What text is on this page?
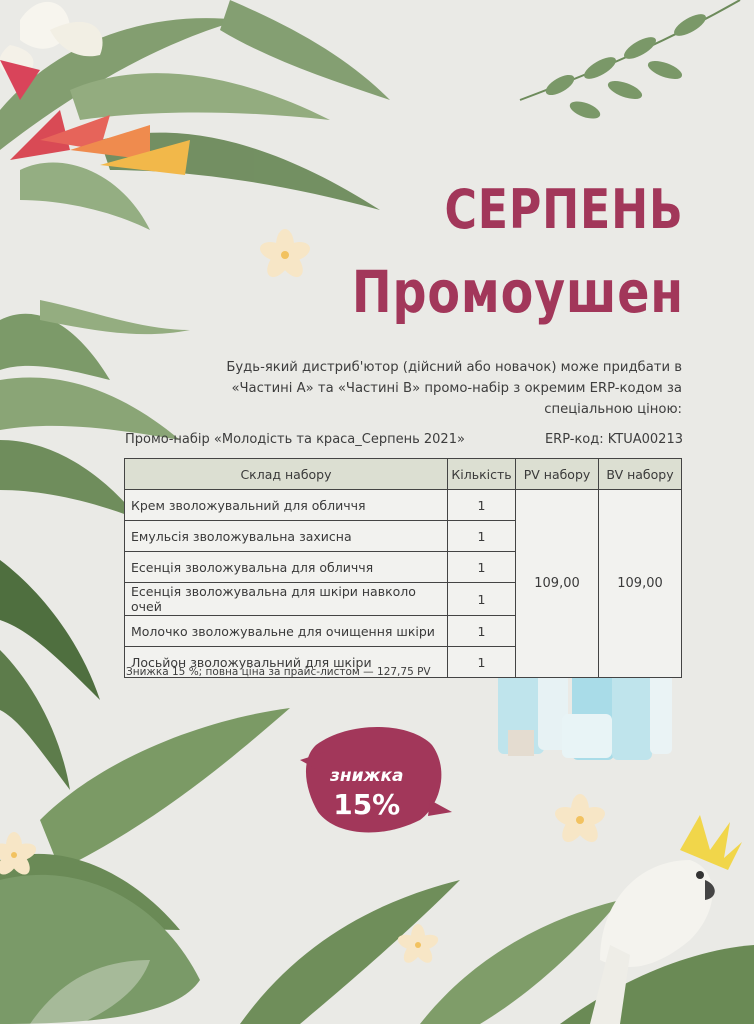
СЕРПЕНЬ
Промоушен
Будь-який дистриб'ютор (дійсний або новачок) може придбати в «Частині А» та «Частині В» промо-набір з окремим ERP-кодом за спеціальною ціною:
Промо-набір «Молодість та краса_Серпень 2021»	ERP-код: KTUA00213
Склад набору	Кількість	PV набору	BV набору
Крем зволожувальний для обличчя	1	109,00	109,00
Емульсія зволожувальна захисна	1		
Есенція зволожувальна для обличчя	1		
Есенція зволожувальна для шкіри навколо очей	1		
Молочко зволожувальне для очищення шкіри	1		
Лосьйон зволожувальний для шкіри	1		
Знижка 15 %; повна ціна за прайс-листом — 127,75 PV
знижка
15%
